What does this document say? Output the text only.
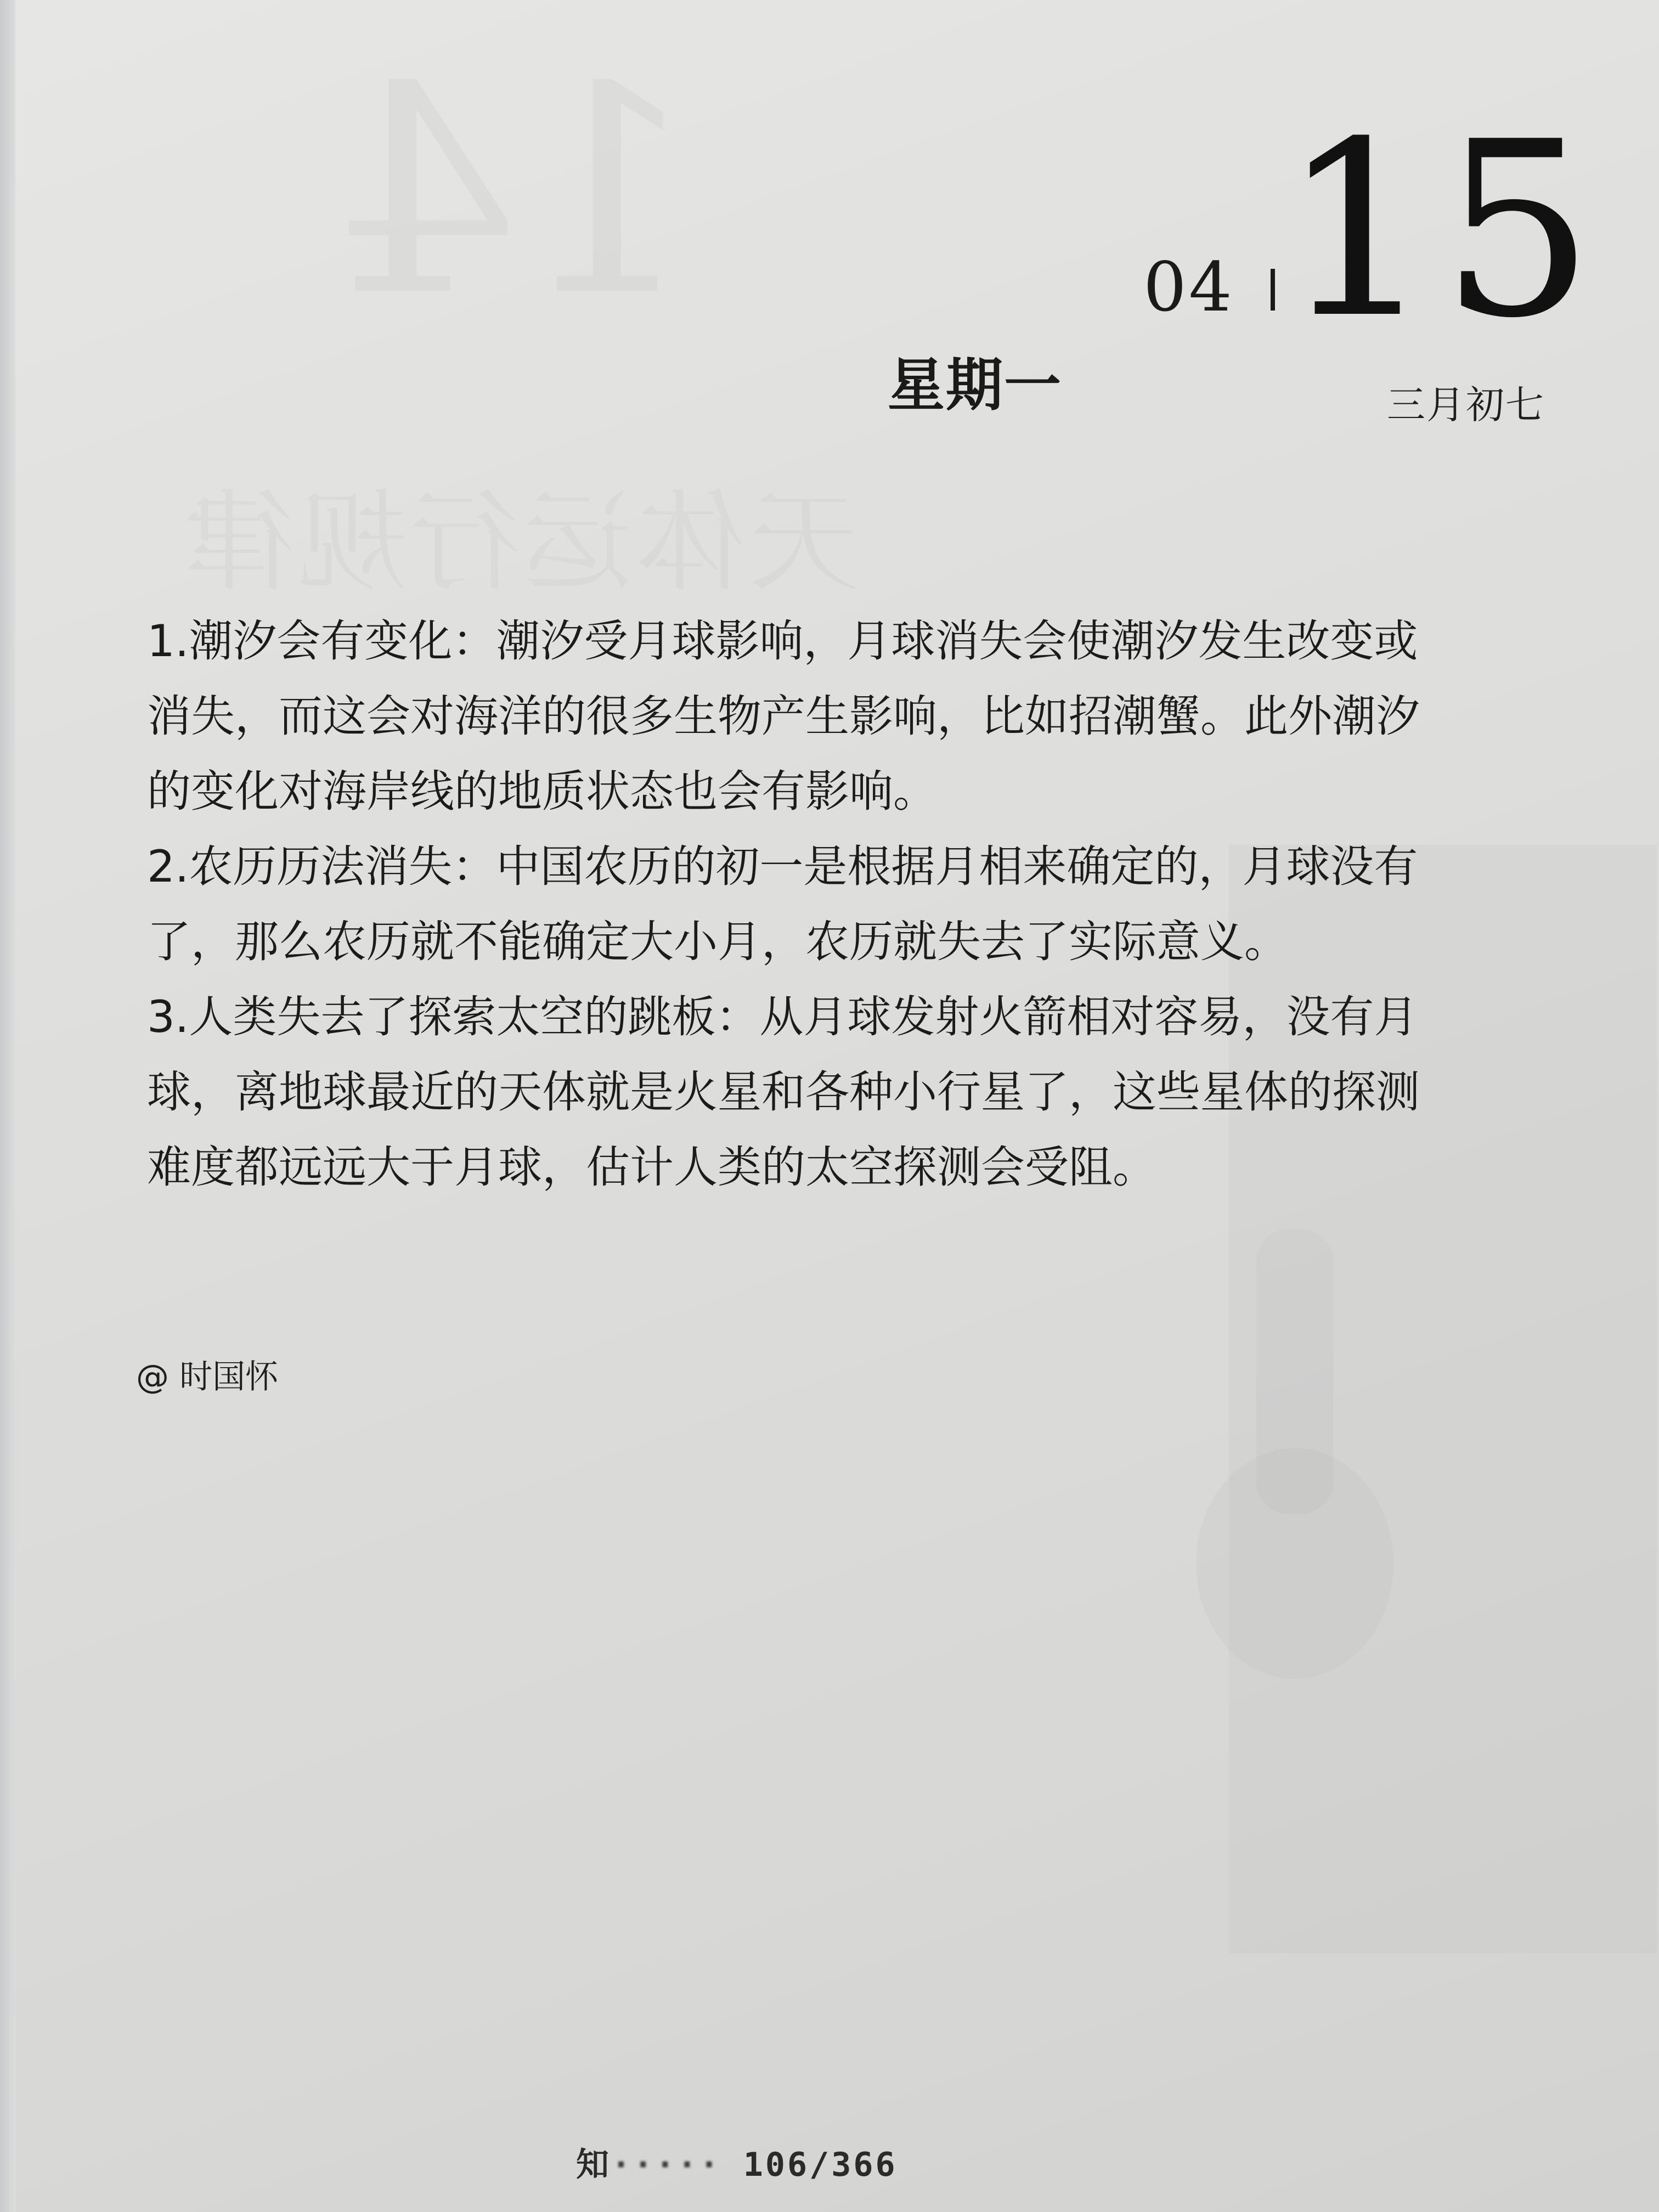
14	04 15
星期一	三月初七

1.潮汐会有变化：潮汐受月球影响，月球消失会使潮汐发生改变或

消失，而这会对海洋的很多生物产生影响，比如招潮蟹。此外潮汐

的变化对海岸线的地质状态也会有影响。

2.农历历法消失：中国农历的初一是根据月相来确定的，月球没有

了，那么农历就不能确定大小月，农历就失去了实际意义。

3.人类失去了探索太空的跳板：从月球发射火箭相对容易，没有月

球，离地球最近的天体就是火星和各种小行星了，这些星体的探测

难度都远远大于月球，估计人类的太空探测会受阻。

@ 时国怀
知····· 106/366
